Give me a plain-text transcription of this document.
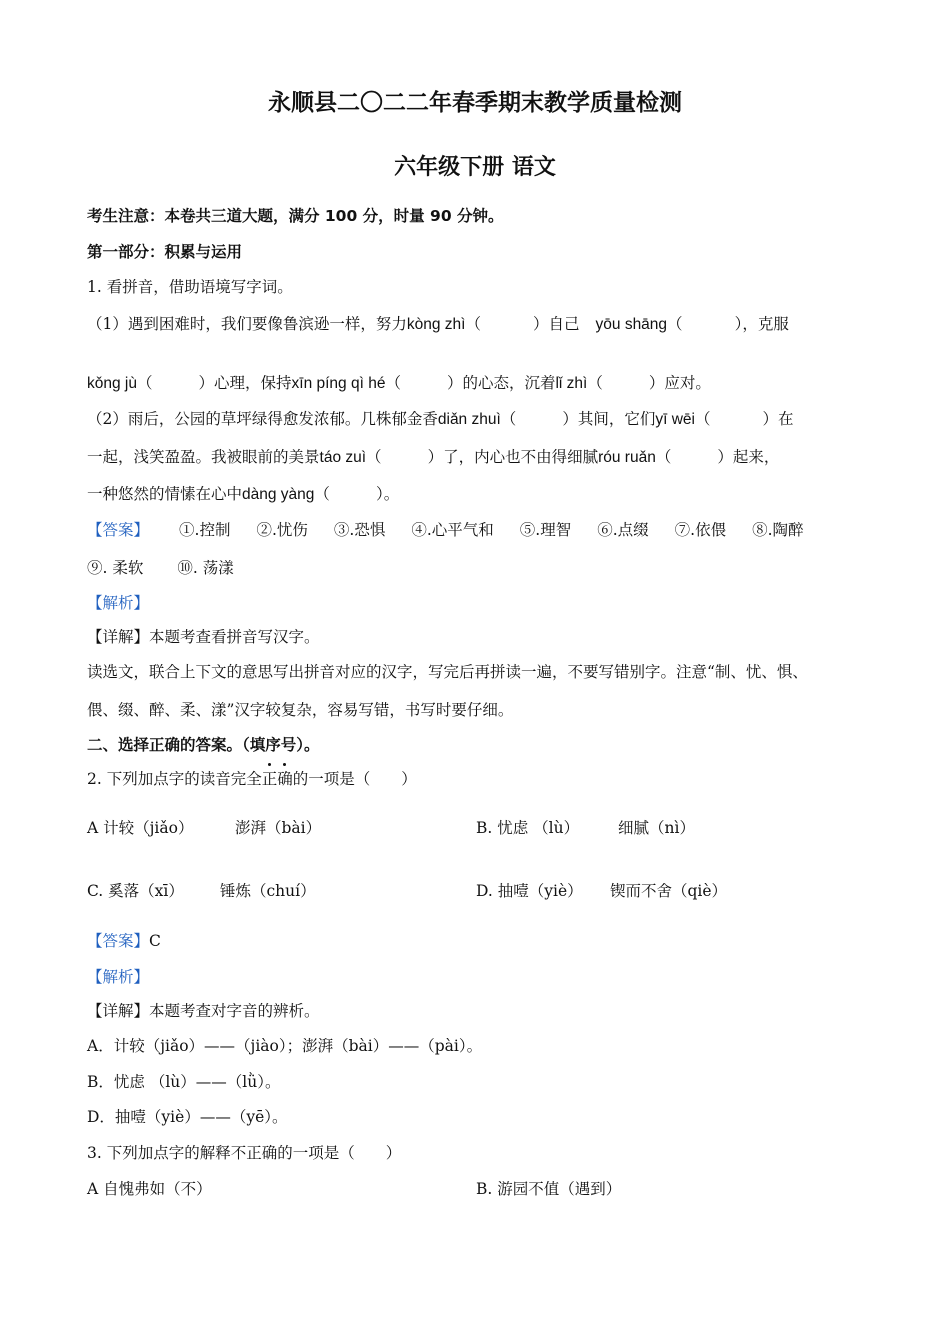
永顺县二〇二二年春季期末教学质量检测
六年级下册 语文
考生注意：本卷共三道大题，满分 100 分，时量 90 分钟。
第一部分：积累与运用
1. 看拼音，借助语境写字词。
（1）遇到困难时，我们要像鲁滨逊一样，努力kòng zhì（	）自己 yōu shāng（	），克服
kǒng jù（	）心理，保持xīn píng qì hé（	）的心态，沉着lǐ zhì（	）应对。
（2）雨后，公园的草坪绿得愈发浓郁。几株郁金香diǎn zhuì（	）其间，它们yī wēi（	）在
一起，浅笑盈盈。我被眼前的美景táo zuì（	）了，内心也不由得细腻róu ruǎn（	）起来，
一种悠然的情愫在心中dàng yàng（	）。
【答案】 ①.控制 ②.忧伤 ③.恐惧 ④.心平气和 ⑤.理智 ⑥.点缀 ⑦.依偎 ⑧.陶醉
⑨. 柔软 ⑩. 荡漾
【解析】
【详解】本题考查看拼音写汉字。
读选文，联合上下文的意思写出拼音对应的汉字，写完后再拼读一遍，不要写错别字。注意“制、忧、惧、
偎、缀、醉、柔、漾”汉字较复杂，容易写错，书写时要仔细。
二、选择正确的答案。（填序号）。
2. 下列加点字的读音完全正确的一项是（　　）
A 计较（jiǎo）	澎湃（bài）	B. 忧虑 （lù）	细腻（nì）
C. 奚落（xī） 锤炼（chuí）	D. 抽噎（yiè） 锲而不舍（qiè）
【答案】C
【解析】
【详解】本题考查对字音的辨析。
A．计较（jiǎo）——（jiào）；澎湃（bài）——（pài）。
B．忧虑 （lù）——（lǜ）。
D．抽噎（yiè）——（yē）。
3. 下列加点字的解释不正确的一项是（　　）
A 自愧弗如（不）	B. 游园不值（遇到）
